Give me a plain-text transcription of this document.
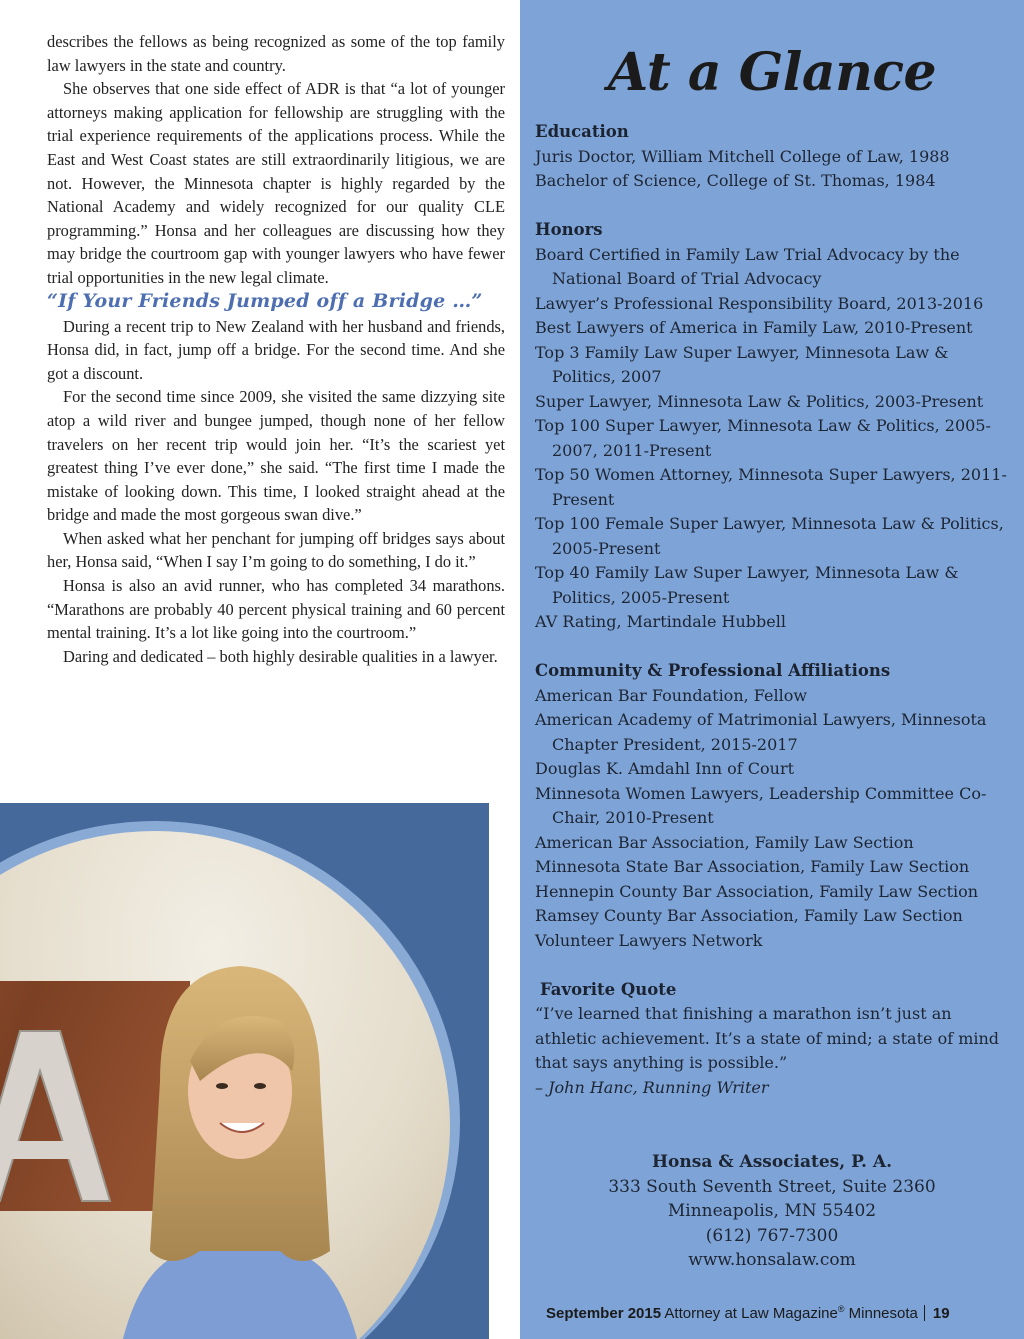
describes the fellows as being recognized as some of the top family law lawyers in the state and country.

She observes that one side effect of ADR is that “a lot of younger attorneys making application for fellowship are struggling with the trial experience requirements of the applications process. While the East and West Coast states are still extraordinarily litigious, we are not. However, the Minnesota chapter is highly regarded by the National Academy and widely recognized for our quality CLE programming.” Honsa and her colleagues are discussing how they may bridge the courtroom gap with younger lawyers who have fewer trial opportunities in the new legal climate.

“If Your Friends Jumped off a Bridge …”

During a recent trip to New Zealand with her husband and friends, Honsa did, in fact, jump off a bridge. For the second time. And she got a discount.

For the second time since 2009, she visited the same dizzying site atop a wild river and bungee jumped, though none of her fellow travelers on her recent trip would join her. “It’s the scariest yet greatest thing I’ve ever done,” she said. “The first time I made the mistake of looking down. This time, I looked straight ahead at the bridge and made the most gorgeous swan dive.”

When asked what her penchant for jumping off bridges says about her, Honsa said, “When I say I’m going to do something, I do it.”

Honsa is also an avid runner, who has completed 34 marathons. “Marathons are probably 40 percent physical training and 60 percent mental training. It’s a lot like going into the courtroom.”

Daring and dedicated – both highly desirable qualities in a lawyer.

At a Glance
Education
Juris Doctor, William Mitchell College of Law, 1988
Bachelor of Science, College of St. Thomas, 1984
Honors
Board Certified in Family Law Trial Advocacy by the National Board of Trial Advocacy
Lawyer’s Professional Responsibility Board, 2013-2016
Best Lawyers of America in Family Law, 2010-Present
Top 3 Family Law Super Lawyer, Minnesota Law & Politics, 2007
Super Lawyer, Minnesota Law & Politics, 2003-Present
Top 100 Super Lawyer, Minnesota Law & Politics, 2005-2007, 2011-Present
Top 50 Women Attorney, Minnesota Super Lawyers, 2011-Present
Top 100 Female Super Lawyer, Minnesota Law & Politics, 2005-Present
Top 40 Family Law Super Lawyer, Minnesota Law & Politics, 2005-Present
AV Rating, Martindale Hubbell
Community & Professional Affiliations
American Bar Foundation, Fellow
American Academy of Matrimonial Lawyers, Minnesota Chapter President, 2015-2017
Douglas K. Amdahl Inn of Court
Minnesota Women Lawyers, Leadership Committee Co-Chair, 2010-Present
American Bar Association, Family Law Section
Minnesota State Bar Association, Family Law Section
Hennepin County Bar Association, Family Law Section
Ramsey County Bar Association, Family Law Section
Volunteer Lawyers Network
Favorite Quote
“I’ve learned that finishing a marathon isn’t just an athletic achievement. It’s a state of mind; a state of mind that says anything is possible.”
– John Hanc, Running Writer
Honsa & Associates, P. A.
333 South Seventh Street, Suite 2360
Minneapolis, MN 55402
(612) 767-7300
www.honsalaw.com
September 2015 Attorney at Law Magazine® Minnesota 19
